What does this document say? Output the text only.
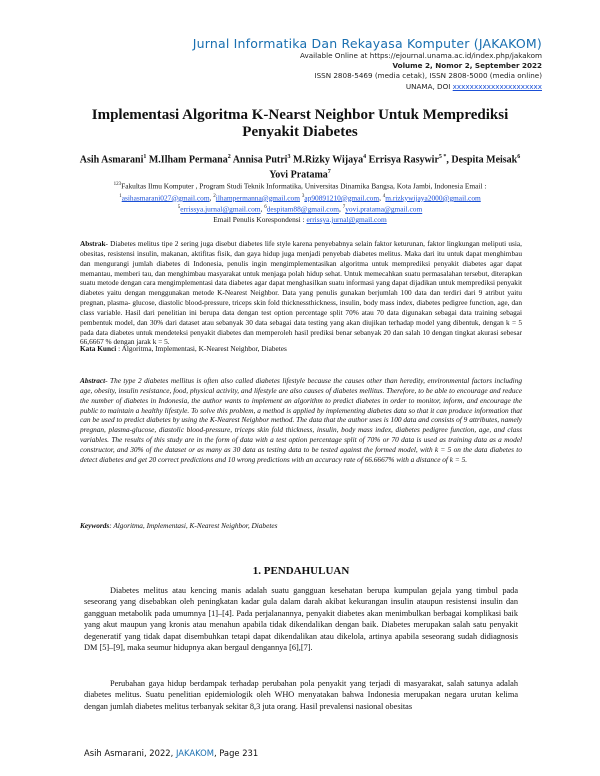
Jurnal Informatika Dan Rekayasa Komputer (JAKAKOM)

Available Online at https://ejournal.unama.ac.id/index.php/jakakom

Volume 2, Nomor 2, September 2022

ISSN 2808-5469 (media cetak), ISSN 2808-5000 (media online)

UNAMA, DOI xxxxxxxxxxxxxxxxxxxxx

Implementasi Algoritma K-Nearst Neighbor Untuk Memprediksi Penyakit Diabetes

Asih Asmarani$^1$ M.Ilham Permana$^2$ Annisa Putri$^3$ M.Rizky Wijaya$^4$ Errisya Rasywir$^{5 *}$, Despita Meisak$^6$ Yovi Pratama$^7$

$^{123}$Fakultas Ilmu Komputer , Program Studi Teknik Informatika, Universitas Dinamika Bangsa, Kota Jambi, Indonesia Email :
$^1$asihasmarani027@gmail.com, $^2$ilhampermanna@gmail.com $^3$ap90891210@gmail.com, $^4$m.rizkywijaya2000@gmail.com
$^5$errissya.jurnal@gmail.com, $^6$despitam88@gmail.com, $^7$yovi.pratama@gmail.com
Email Penulis Korespondensi : errissya.jurnal@gmail.com

Abstrak- Diabetes melitus tipe 2 sering juga disebut diabetes life style karena penyebabnya selain faktor keturunan, faktor lingkungan meliputi usia, obesitas, resistensi insulin, makanan, aktifitas fisik, dan gaya hidup juga menjadi penyebab diabetes melitus. Maka dari itu untuk dapat menghimbau dan mengurangi jumlah diabetes di Indonesia, penulis ingin mengimplementasikan algoritma untuk memprediksi penyakit diabetes agar dapat memantau, memberi tau, dan menghimbau masyarakat untuk menjaga polah hidup sehat. Untuk memecahkan suatu permasalahan tersebut, diterapkan suatu metode dengan cara mengimplementasi data diabetes agar dapat menghasilkan suatu informasi yang dapat dijadikan untuk memprediksi penyakit diabetes yaitu dengan menggunakan metode K-Nearest Neighbor. Data yang penulis gunakan berjumlah 100 data dan terdiri dari 9 atribut yaitu pregnan, plasma- glucose, diastolic blood-pressure, triceps skin fold thicknessthickness, insulin, body mass index, diabetes pedigree function, age, dan class variable. Hasil dari penelitian ini berupa data dengan test option percentage split 70% atau 70 data digunakan sebagai data training sebagai pembentuk model, dan 30% dari dataset atau sebanyak 30 data sebagai data testing yang akan diujikan terhadap model yang dibentuk, dengan k = 5 pada data diabetes untuk mendeteksi penyakit diabetes dan memperoleh hasil prediksi benar sebanyak 20 dan salah 10 dengan tingkat akurasi sebesar 66,6667 % dengan jarak k = 5.

Kata Kunci : Algoritma, Implementasi, K-Nearest Neighbor, Diabetes

Abstract- The type 2 diabetes mellitus is often also called diabetes lifestyle because the causes other than heredity, environmental factors including age, obesity, insulin resistance, food, physical activity, and lifestyle are also causes of diabetes mellitus. Therefore, to be able to encourage and reduce the number of diabetes in Indonesia, the author wants to implement an algorithm to predict diabetes in order to monitor, inform, and encourage the public to maintain a healthy lifestyle. To solve this problem, a method is applied by implementing diabetes data so that it can produce information that can be used to predict diabetes by using the K-Nearest Neighbor method. The data that the author uses is 100 data and consists of 9 attributes, namely pregnan, plasma-glucose, diastolic blood-pressure, triceps skin fold thickness, insulin, body mass index, diabetes pedigree function, age, and class variables. The results of this study are in the form of data with a test option percentage split of 70% or 70 data is used as training data as a model constructor, and 30% of the dataset or as many as 30 data as testing data to be tested against the formed model, with k = 5 on the data diabetes to detect diabetes and get 20 correct predictions and 10 wrong predictions with an accuracy rate of 66.6667% with a distance of k = 5.

Keywords: Algoritma, Implementasi, K-Nearest Neighbor, Diabetes

1. PENDAHULUAN

Diabetes melitus atau kencing manis adalah suatu gangguan kesehatan berupa kumpulan gejala yang timbul pada seseorang yang disebabkan oleh peningkatan kadar gula dalam darah akibat kekurangan insulin ataupun resistensi insulin dan gangguan metabolik pada umumnya [1]–[4]. Pada perjalanannya, penyakit diabetes akan menimbulkan berbagai komplikasi baik yang akut maupun yang kronis atau menahun apabila tidak dikendalikan dengan baik. Diabetes merupakan salah satu penyakit degeneratif yang tidak dapat disembuhkan tetapi dapat dikendalikan atau dikelola, artinya apabila seseorang sudah didiagnosis DM [5]–[9], maka seumur hidupnya akan bergaul dengannya [6],[7].

Perubahan gaya hidup berdampak terhadap perubahan pola penyakit yang terjadi di masyarakat, salah satunya adalah diabetes melitus. Suatu penelitian epidemiologik oleh WHO menyatakan bahwa Indonesia merupakan negara urutan kelima dengan jumlah diabetes melitus terbanyak sekitar 8,3 juta orang. Hasil prevalensi nasional obesitas

Asih Asmarani, 2022, JAKAKOM, Page 231
